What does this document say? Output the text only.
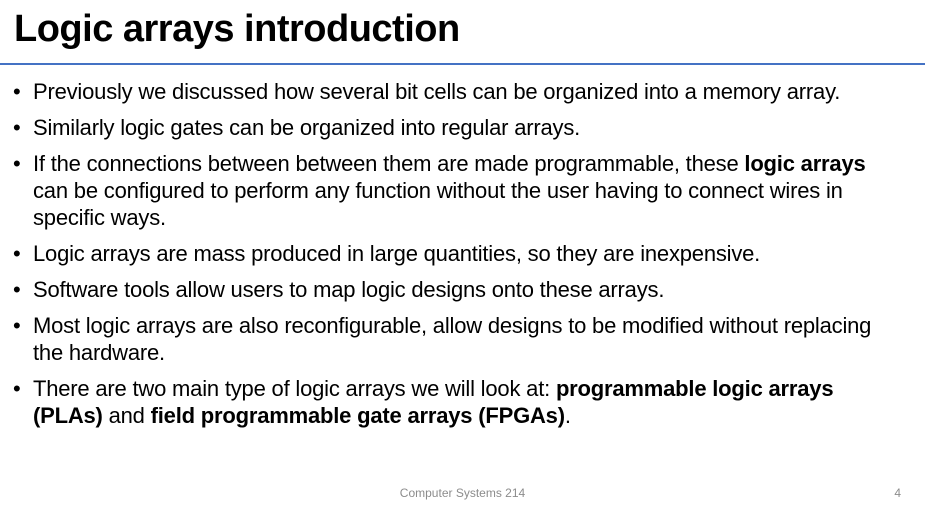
Logic arrays introduction
• Previously we discussed how several bit cells can be organized into a memory array.
• Similarly logic gates can be organized into regular arrays.
• If the connections between between them are made programmable, these logic arrays can be configured to perform any function without the user having to connect wires in specific ways.
• Logic arrays are mass produced in large quantities, so they are inexpensive.
• Software tools allow users to map logic designs onto these arrays.
• Most logic arrays are also reconfigurable, allow designs to be modified without replacing the hardware.
• There are two main type of logic arrays we will look at: programmable logic arrays (PLAs) and field programmable gate arrays (FPGAs).
Computer Systems 214	4
